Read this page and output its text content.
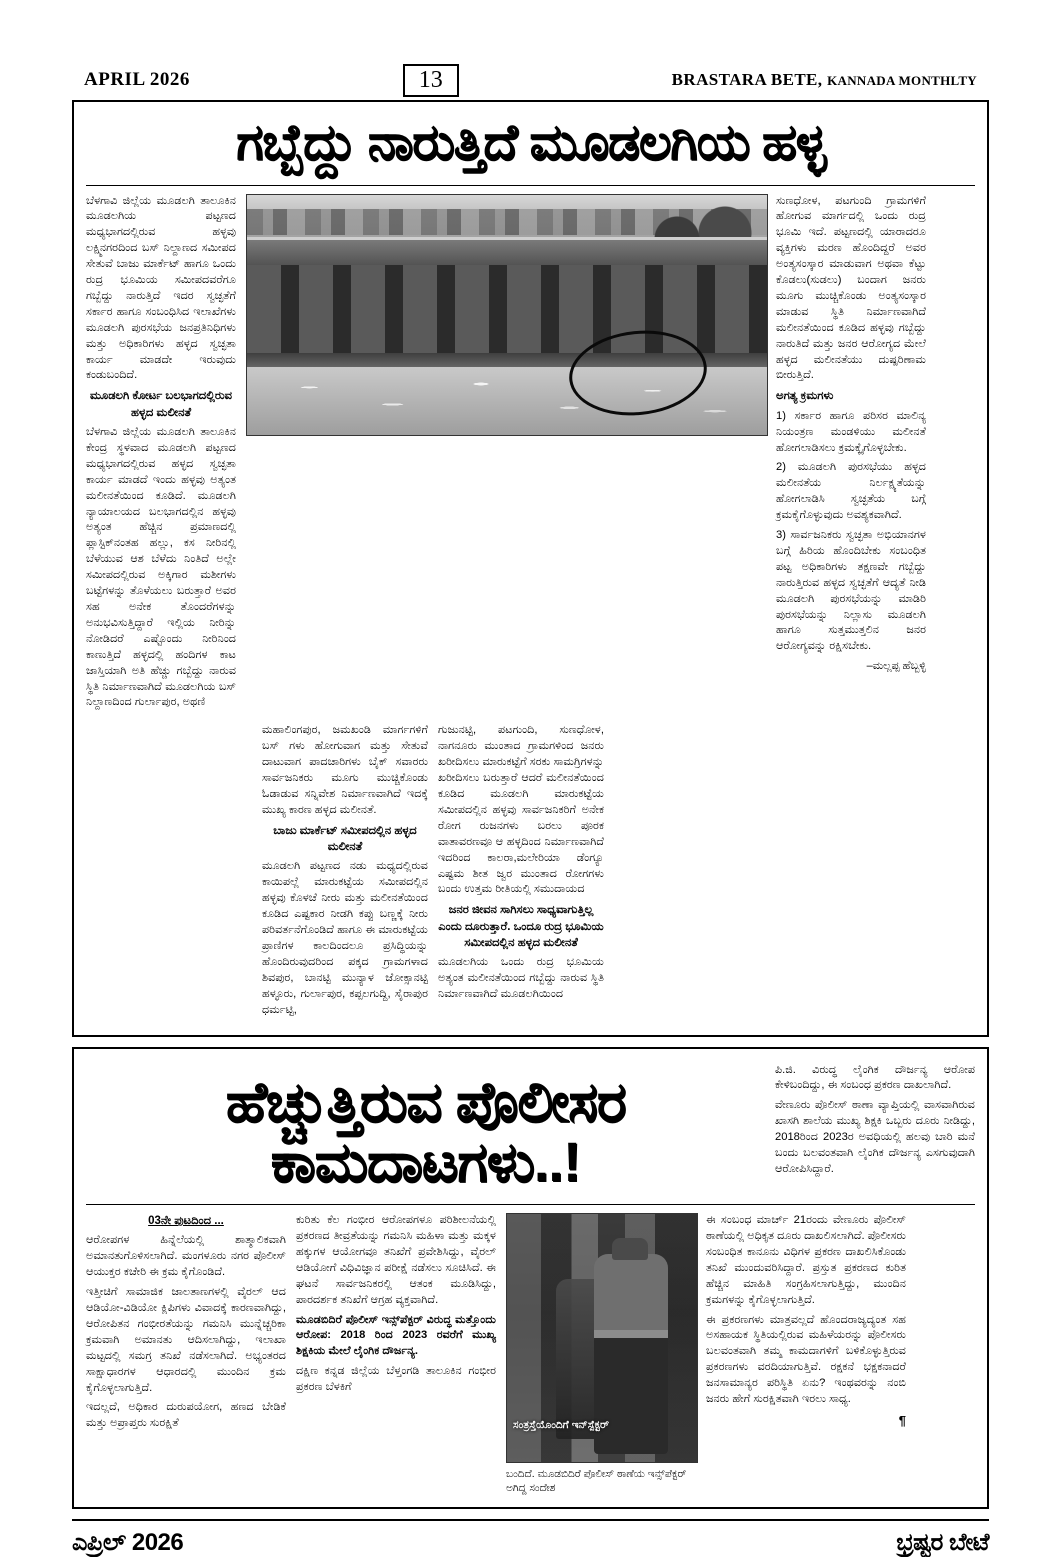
APRIL 2026	13	BRASTARA BETE, KANNADA MONTHLTY
ಗಬ್ಬೆದ್ದು ನಾರುತ್ತಿದೆ ಮೂಡಲಗಿಯ ಹಳ್ಳ

ಬೆಳಗಾವಿ ಜಿಲ್ಲೆಯ ಮೂಡಲಗಿ ತಾಲೂಕಿನ ಮೂಡಲಗಿಯ ಪಟ್ಟಣದ ಮಧ್ಯಭಾಗದಲ್ಲಿರುವ ಹಳ್ಳವು ಲಕ್ಷ್ಮಿನಗರದಿಂದ ಬಸ್ ನಿಲ್ದಾಣದ ಸಮೀಪದ ಸೇತುವೆ ಬಾಜು ಮಾರ್ಕೆಟ್ ಹಾಗೂ ಒಂದು ರುದ್ರ ಭೂಮಿಯ ಸಮೀಪದವರೆಗೂ ಗಬ್ಬೆದ್ದು ನಾರುತ್ತಿದೆ ಇದರ ಸ್ವಚ್ಛತೆಗೆ ಸರ್ಕಾರ ಹಾಗೂ ಸಂಬಂಧಿಸಿದ ಇಲಾಖೆಗಳು ಮೂಡಲಗಿ ಪುರಸಭೆಯ ಜನಪ್ರತಿನಿಧಿಗಳು ಮತ್ತು ಅಧಿಕಾರಿಗಳು ಹಳ್ಳದ ಸ್ವಚ್ಛತಾ ಕಾರ್ಯ ಮಾಡದೇ ಇರುವುದು ಕಂಡುಬಂದಿದೆ.

ಮೂಡಲಗಿ ಕೋರ್ಟ ಬಲಭಾಗದಲ್ಲಿರುವ ಹಳ್ಳದ ಮಲೀನತೆ

ಬೆಳಗಾವಿ ಜಿಲ್ಲೆಯ ಮೂಡಲಗಿ ತಾಲೂಕಿನ ಕೇಂದ್ರ ಸ್ಥಳವಾದ ಮೂಡಲಗಿ ಪಟ್ಟಣದ ಮಧ್ಯಭಾಗದಲ್ಲಿರುವ ಹಳ್ಳದ ಸ್ವಚ್ಛತಾ ಕಾರ್ಯ ಮಾಡದೆ ಇಂದು ಹಳ್ಳವು ಅತ್ಯಂತ ಮಲೀನತೆಯಿಂದ ಕೂಡಿದೆ. ಮೂಡಲಗಿ ನ್ಯಾಯಾಲಯದ ಬಲಭಾಗದಲ್ಲಿನ ಹಳ್ಳವು ಅತ್ಯಂತ ಹೆಚ್ಚಿನ ಪ್ರಮಾಣದಲ್ಲಿ ಪ್ಲಾಸ್ಟಿಕ್‌ನಂತಹ ಹಲ್ಲು, ಕಸ ನೀರಿನಲ್ಲಿ ಬೆಳೆಯುವ ಆಶ ಬೆಳೆದು ನಿಂತಿದೆ ಅಲ್ಲೇ ಸಮೀಪದಲ್ಲಿರುವ ಅಕ್ಕಿಗಾರ ಮಶೀಗಳು ಬಟ್ಟೆಗಳನ್ನು ತೊಳೆಯಲು ಬರುತ್ತಾರೆ ಅವರ ಸಹ ಅನೇಕ ತೊಂದರೆಗಳನ್ನು ಅನುಭವಿಸುತ್ತಿದ್ದಾರೆ ಇಲ್ಲಿಯ ನೀರಿನ್ನು ನೋಡಿದರೆ ಎಷ್ಟೊಂದು ನೀರಿನಿಂದ ಕಾಣುತ್ತಿದೆ ಹಳ್ಳದಲ್ಲಿ ಹಂದಿಗಳ ಕಾಟ ಜಾಸ್ತಿಯಾಗಿ ಅತಿ ಹೆಚ್ಚು ಗಬ್ಬೆದ್ದು ನಾರುವ ಸ್ಥಿತಿ ನಿರ್ಮಾಣವಾಗಿದೆ ಮೂಡಲಗಿಯ ಬಸ್ ನಿಲ್ದಾಣದಿಂದ ಗುರ್ಲಾಪುರ, ಅಥಣಿ

ಸುಣಧೋಳ, ಪಟಗುಂದಿ ಗ್ರಾಮಗಳಿಗೆ ಹೋಗುವ ಮಾರ್ಗದಲ್ಲಿ ಒಂದು ರುದ್ರ ಭೂಮಿ ಇದೆ. ಪಟ್ಟಣದಲ್ಲಿ ಯಾರಾದರೂ ವ್ಯಕ್ತಿಗಳು ಮರಣ ಹೊಂದಿದ್ದರೆ ಅವರ ಅಂತ್ಯಸಂಸ್ಕಾರ ಮಾಡುವಾಗ ಅಥವಾ ಕೆಟ್ಟು ಕೊಡಲು(ಸುಡಲು) ಬಂದಾಗ ಜನರು ಮೂಗು ಮುಚ್ಚಿಕೊಂಡು ಅಂತ್ಯಸಂಸ್ಕಾರ ಮಾಡುವ ಸ್ಥಿತಿ ನಿರ್ಮಾಣವಾಗಿದೆ ಮಲೀನತೆಯಿಂದ ಕೂಡಿದ ಹಳ್ಳವು ಗಬ್ಬೆದ್ದು ನಾರುತಿದೆ ಮತ್ತು ಜನರ ಆರೋಗ್ಯದ ಮೇಲೆ ಹಳ್ಳದ ಮಲೀನತೆಯು ದುಷ್ಪರಿಣಾಮ ಬೀರುತ್ತಿದೆ.

ಅಗತ್ಯ ಕ್ರಮಗಳು

1) ಸರ್ಕಾರ ಹಾಗೂ ಪರಿಸರ ಮಾಲಿನ್ಯ ನಿಯಂತ್ರಣ ಮಂಡಳಿಯು ಮಲೀನತೆ ಹೋಗಲಾಡಿಸಲು ಕ್ರಮಕ್ಕೈಗೊಳ್ಳಬೇಕು.

2) ಮೂಡಲಗಿ ಪುರಸಭೆಯು ಹಳ್ಳದ ಮಲೀನತೆಯ ನಿರ್ಲಕ್ಷ್ಯತೆಯನ್ನು ಹೋಗಲಾಡಿಸಿ ಸ್ವಚ್ಛತೆಯ ಬಗ್ಗೆ ಕ್ರಮಕೈಗೊಳ್ಳುವುದು ಅವಶ್ಯಕವಾಗಿದೆ.

3) ಸಾರ್ವಜನಿಕರು ಸ್ವಚ್ಛತಾ ಅಭಿಯಾನಗಳ ಬಗ್ಗೆ ಹಿರಿಯ ಹೊಂದಿಬೇಕು ಸಂಬಂಧಿತ ಪಟ್ಟ ಅಧಿಕಾರಿಗಳು ತಕ್ಷಣವೇ ಗಬ್ಬೆದ್ದು ನಾರುತ್ತಿರುವ ಹಳ್ಳದ ಸ್ವಚ್ಛತೆಗೆ ಆದ್ಯತೆ ನೀಡಿ ಮೂಡಲಗಿ ಪುರಸಭೆಯನ್ನು ಮಾಡಿರಿ ಪುರಸಭೆಯನ್ನು ನಿಲ್ಲಾಸು ಮೂಡಲಗಿ ಹಾಗೂ ಸುತ್ತಮುತ್ತಲಿನ ಜನರ ಆರೋಗ್ಯವನ್ನು ರಕ್ಷಿಸಬೇಕು.

–ಮಲ್ಲಪ್ಪ ಹೆಬ್ಬಳ್ಳಿ

ಮಹಾಲಿಂಗಪುರ, ಜಮಖಂಡಿ ಮಾರ್ಗಗಳಿಗೆ ಬಸ್ ಗಳು ಹೋಗುವಾಗ ಮತ್ತು ಸೇತುವೆ ದಾಟುವಾಗ ಪಾದಚಾರಿಗಳು ಬೈಕ್ ಸವಾರರು ಸಾರ್ವಜನಿಕರು ಮೂಗು ಮುಚ್ಚಿಕೊಂಡು ಓಡಾಡುವ ಸನ್ನಿವೇಶ ನಿರ್ಮಾಣವಾಗಿದೆ ಇದಕ್ಕೆ ಮುಖ್ಯ ಕಾರಣ ಹಳ್ಳದ ಮಲೀನತೆ.

ಬಾಜು ಮಾರ್ಕೆಟ್ ಸಮೀಪದಲ್ಲಿನ ಹಳ್ಳದ ಮಲೀನತೆ

ಮೂಡಲಗಿ ಪಟ್ಟಣದ ನಡು ಮಧ್ಯದಲ್ಲಿರುವ ಕಾಯಿಪಲ್ಲೆ ಮಾರುಕಟ್ಟೆಯ ಸಮೀಪದಲ್ಲಿನ ಹಳ್ಳವು ಕೊಳಚೆ ನೀರು ಮತ್ತು ಮಲೀನತೆಯಿಂದ ಕೂಡಿದ ಎಷ್ಟಕಾರ ನೀಡಗಿ ಕಪ್ಪು ಬಣ್ಣಕ್ಕೆ ನೀರು ಪರಿವರ್ತನೆಗೊಂಡಿದೆ ಹಾಗೂ ಈ ಮಾರುಕಟ್ಟೆಯ ಪ್ರಾಣಿಗಳ ಕಾಲದಿಂದಲೂ ಪ್ರಸಿದ್ಧಿಯನ್ನು ಹೊಂದಿರುವುದರಿಂದ ಪಕ್ಕದ ಗ್ರಾಮಗಳಾದ ಶಿವಪುರ, ಬಾನಟ್ಟಿ ಮುನ್ಯಾಳ ಜೋಕ್ಸಾನಟ್ಟಿ ಹಳ್ಳೂರು, ಗುರ್ಲಾಪುರ, ಕಪ್ಪಲಗುದ್ದಿ, ಸೈರಾಪುರ ಧರ್ಮಟ್ಟಿ,

ಗುಜುನಟ್ಟಿ, ಪಟಗುಂದಿ, ಸುಣಧೋಳ, ನಾಗನೂರು ಮುಂತಾದ ಗ್ರಾಮಗಳಿಂದ ಜನರು ಖರೀದಿಸಲು ಮಾರುಕಟ್ಟೆಗೆ ಸರಕು ಸಾಮಗ್ರಿಗಳನ್ನು ಖರೀದಿಸಲು ಬರುತ್ತಾರೆ ಆದರೆ ಮಲೀನತೆಯಿಂದ ಕೂಡಿದ ಮೂಡಲಗಿ ಮಾರುಕಟ್ಟೆಯ ಸಮೀಪದಲ್ಲಿನ ಹಳ್ಳವು ಸಾರ್ವಜನಿಕರಿಗೆ ಅನೇಕ ರೋಗ ರುಜನಗಳು ಬರಲು ಪೂರಕ ವಾತಾವರಣವೂ ಆ ಹಳ್ಳದಿಂದ ನಿರ್ಮಾಣವಾಗಿದೆ ಇದರಿಂದ ಕಾಲರಾ,ಮಲೇರಿಯಾ ಡೆಂಗ್ಯೂ ಎಷ್ಟಮ ಶೀತ ಜ್ವರ ಮುಂತಾದ ರೋಗಗಳು ಬಂದು ಉತ್ತಮ ರೀತಿಯಲ್ಲಿ ಸಮುದಾಯದ

ಜನರ ಜೀವನ ಸಾಗಿಸಲು ಸಾಧ್ಯವಾಗುತ್ತಿಲ್ಲ ಎಂದು ದೂರುತ್ತಾರೆ. ಒಂದೂ ರುದ್ರ ಭೂಮಿಯ ಸಮೀಪದಲ್ಲಿನ ಹಳ್ಳದ ಮಲೀನತೆ

ಮೂಡಲಗಿಯ ಒಂದು ರುದ್ರ ಭೂಮಿಯ ಅತ್ಯಂತ ಮಲೀನತೆಯಿಂದ ಗಬ್ಬೆದ್ದು ನಾರುವ ಸ್ಥಿತಿ ನಿರ್ಮಾಣವಾಗಿದೆ ಮೂಡಲಗಿಯಿಂದ

ಹೆಚ್ಚುತ್ತಿರುವ ಪೊಲೀಸರ
ಕಾಮದಾಟಗಳು..!

ಪಿ.ಜಿ. ವಿರುದ್ಧ ಲೈಂಗಿಕ ದೌರ್ಜನ್ಯ ಆರೋಪ ಕೇಳಿಬಂದಿದ್ದು, ಈ ಸಂಬಂಧ ಪ್ರಕರಣ ದಾಖಲಾಗಿದೆ.

ವೇಣೂರು ಪೊಲೀಸ್ ಠಾಣಾ ವ್ಯಾಪ್ತಿಯಲ್ಲಿ ವಾಸವಾಗಿರುವ ಖಾಸಗಿ ಶಾಲೆಯ ಮುಖ್ಯ ಶಿಕ್ಷಕಿ ಒಬ್ಬರು ದೂರು ನೀಡಿದ್ದು, 2018ರಿಂದ 2023ರ ಅವಧಿಯಲ್ಲಿ ಹಲವು ಬಾರಿ ಮನೆ ಬಂದು ಬಲವಂತವಾಗಿ ಲೈಂಗಿಕ ದೌರ್ಜನ್ಯ ಎಸಗುವುದಾಗಿ ಆರೋಪಿಸಿದ್ದಾರೆ.

03ನೇ ಪುಟದಿಂದ ...

ಆರೋಪಗಳ ಹಿನ್ನೆಲೆಯಲ್ಲಿ ಶಾತ್ಮಾಲಿಕವಾಗಿ ಅಮಾನತುಗೊಳಿಸಲಾಗಿದೆ. ಮಂಗಳೂರು ನಗರ ಪೊಲೀಸ್ ಆಯುಕ್ತರ ಕಚೇರಿ ಈ ಕ್ರಮ ಕೈಗೊಂಡಿದೆ.

ಇತ್ತೀಚಿಗೆ ಸಾಮಾಜಿಕ ಜಾಲತಾಣಗಳಲ್ಲಿ ವೈರಲ್ ಆದ ಆಡಿಯೋ-ವಿಡಿಯೋ ಕ್ಲಿಪಿಗಳು ವಿವಾದಕ್ಕೆ ಕಾರಣವಾಗಿದ್ದು, ಆರೋಪಿತನ ಗಂಭೀರತೆಯನ್ನು ಗಮನಿಸಿ ಮುನ್ನೆಚ್ಚರಿಕಾ ಕ್ರಮವಾಗಿ ಅಮಾನತು ಆದಿಸಲಾಗಿದ್ದು, ಇಲಾಖಾ ಮಟ್ಟದಲ್ಲಿ ಸಮಗ್ರ ತನಿಖೆ ನಡೆಸಲಾಗಿದೆ. ಅಭ್ಯಂತರದ ಸಾಕ್ಷಾಧಾರಗಳ ಆಧಾರದಲ್ಲಿ ಮುಂದಿನ ಕ್ರಮ ಕೈಗೊಳ್ಳಲಾಗುತ್ತಿದೆ.

ಇದಲ್ಲದೆ, ಅಧಿಕಾರ ದುರುಪಯೋಗ, ಹಣದ ಬೇಡಿಕೆ ಮತ್ತು ಅಪ್ರಾಪ್ತರು ಸುರಕ್ಷಿತೆ

ಕುರಿತು ಕೆಲ ಗಂಭೀರ ಆರೋಪಗಳೂ ಪರಿಶೀಲನೆಯಲ್ಲಿ ಪ್ರಕರಣದ ತೀವ್ರತೆಯನ್ನು ಗಮನಿಸಿ ಮಹಿಳಾ ಮತ್ತು ಮಕ್ಕಳ ಹಕ್ಕುಗಳ ಆಯೋಗವೂ ತನಿಖೆಗೆ ಪ್ರವೇಶಿಸಿದ್ದು, ವೈರಲ್ ಆಡಿಯೋಗೆ ವಿಧಿವಿಜ್ಞಾನ ಪರೀಕ್ಷೆ ನಡೆಸಲು ಸೂಚಿಸಿದೆ. ಈ ಘಟನೆ ಸಾರ್ವಜನಿಕರಲ್ಲಿ ಆತಂಕ ಮೂಡಿಸಿದ್ದು, ಪಾರದರ್ಶಕ ತನಿಖೆಗೆ ಆಗ್ರಹ ವ್ಯಕ್ತವಾಗಿದೆ.

ಮೂಡಬಿದಿರೆ ಪೊಲೀಸ್ ಇನ್ಸ್‌ಪೆಕ್ಟರ್ ವಿರುದ್ಧ ಮತ್ತೊಂದು ಆರೋಪ: 2018 ರಿಂದ 2023 ರವರೆಗೆ ಮುಖ್ಯ ಶಿಕ್ಷಕಿಯ ಮೇಲೆ ಲೈಂಗಿಕ ದೌರ್ಜನ್ಯ.

ದಕ್ಷಿಣ ಕನ್ನಡ ಜಿಲ್ಲೆಯ ಬೆಳ್ತಂಗಡಿ ತಾಲೂಕಿನ ಗಂಭೀರ ಪ್ರಕರಣ ಬೆಳಕಿಗೆ

ಸಂತ್ರಸ್ತೆಯೊಂದಿಗೆ ಇನ್‌ಸ್ಪೆಕ್ಟರ್
ಬಂದಿದೆ. ಮೂಡಬಿದಿರೆ ಪೊಲೀಸ್ ಠಾಣೆಯ ಇನ್ಸ್‌ಪೆಕ್ಟರ್ ಅಗಿದ್ದ ಸಂದೇಶ

ಈ ಸಂಬಂಧ ಮಾರ್ಚ್ 21ರಂದು ವೇಣೂರು ಪೊಲೀಸ್ ಠಾಣೆಯಲ್ಲಿ ಅಧಿಕೃತ ದೂರು ದಾಖಲಿಸಲಾಗಿದೆ. ಪೊಲೀಸರು ಸಂಬಂಧಿತ ಕಾನೂನು ವಿಧಿಗಳ ಪ್ರಕರಣ ದಾಖಲಿಸಿಕೊಂಡು ತನಿಖೆ ಮುಂದುವರಿಸಿದ್ದಾರೆ. ಪ್ರಸ್ತುತ ಪ್ರಕರಣದ ಕುರಿತ ಹೆಚ್ಚಿನ ಮಾಹಿತಿ ಸಂಗ್ರಹಿಸಲಾಗುತ್ತಿದ್ದು, ಮುಂದಿನ ಕ್ರಮಗಳನ್ನು ಕೈಗೊಳ್ಳಲಾಗುತ್ತಿದೆ.

ಈ ಪ್ರಕರಣಗಳು ಮಾತ್ರವಲ್ಲದೆ ಹೊಂದರಾಜ್ಯದ್ಯಂತ ಸಹ ಅಸಹಾಯಕ ಸ್ಥಿತಿಯಲ್ಲಿರುವ ಮಹಿಳೆಯರನ್ನು ಪೊಲೀಸರು ಬಲವಂತವಾಗಿ ತಮ್ಮ ಕಾಮದಾಗಳಿಗೆ ಬಳಿಕೊಳ್ಳುತ್ತಿರುವ ಪ್ರಕರಣಗಳು ವರದಿಯಾಗುತ್ತಿವೆ. ರಕ್ಷಕನೆ ಭಕ್ಷಕನಾದರೆ ಜನಸಾಮಾನ್ಯರ ಪರಿಸ್ಥಿತಿ ಏನು? ಇಂಥವರನ್ನು ನಂಬಿ ಜನರು ಹೇಗೆ ಸುರಕ್ಷಿತವಾಗಿ ಇರಲು ಸಾಧ್ಯ.

¶
ಎಪ್ರಿಲ್ 2026	ಭ್ರಷ್ಟರ ಬೇಟೆ
